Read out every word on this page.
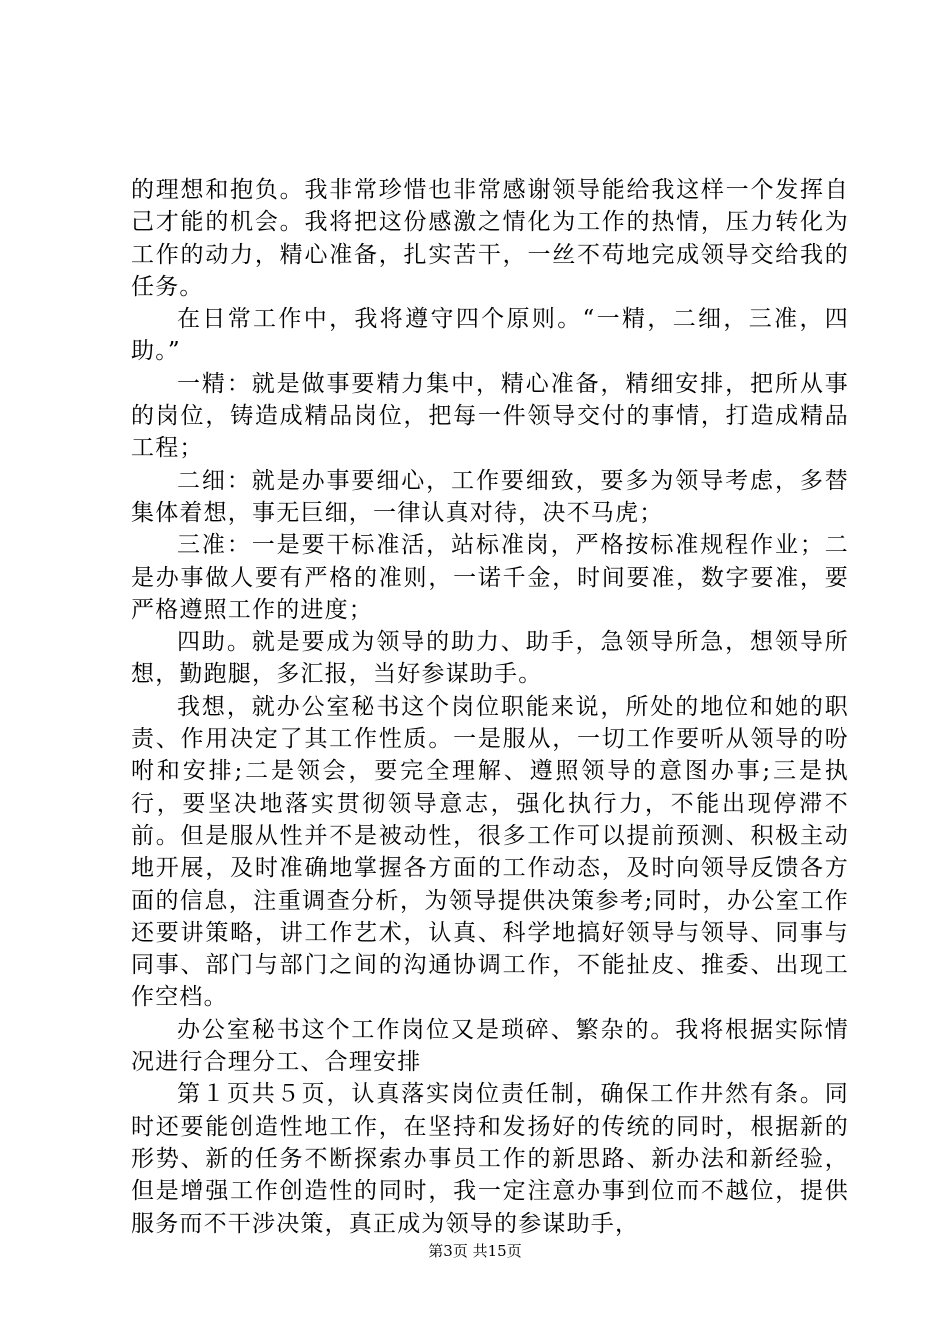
的理想和抱负。我非常珍惜也非常感谢领导能给我这样一个发挥自己才能的机会。我将把这份感激之情化为工作的热情，压力转化为工作的动力，精心准备，扎实苦干，一丝不苟地完成领导交给我的任务。

在日常工作中，我将遵守四个原则。“一精，二细，三准，四助。”

一精：就是做事要精力集中，精心准备，精细安排，把所从事的岗位，铸造成精品岗位，把每一件领导交付的事情，打造成精品工程；

二细：就是办事要细心，工作要细致，要多为领导考虑，多替集体着想，事无巨细，一律认真对待，决不马虎；

三准：一是要干标准活，站标准岗，严格按标准规程作业；二是办事做人要有严格的准则，一诺千金，时间要准，数字要准，要严格遵照工作的进度；

四助。就是要成为领导的助力、助手，急领导所急，想领导所想，勤跑腿，多汇报，当好参谋助手。

我想，就办公室秘书这个岗位职能来说，所处的地位和她的职责、作用决定了其工作性质。一是服从，一切工作要听从领导的吩咐和安排;二是领会，要完全理解、遵照领导的意图办事;三是执行，要坚决地落实贯彻领导意志，强化执行力，不能出现停滞不前。但是服从性并不是被动性，很多工作可以提前预测、积极主动地开展，及时准确地掌握各方面的工作动态，及时向领导反馈各方面的信息，注重调查分析，为领导提供决策参考;同时，办公室工作还要讲策略，讲工作艺术，认真、科学地搞好领导与领导、同事与同事、部门与部门之间的沟通协调工作，不能扯皮、推委、出现工作空档。

办公室秘书这个工作岗位又是琐碎、繁杂的。我将根据实际情况进行合理分工、合理安排

第１页共５页，认真落实岗位责任制，确保工作井然有条。同时还要能创造性地工作，在坚持和发扬好的传统的同时，根据新的形势、新的任务不断探索办事员工作的新思路、新办法和新经验，但是增强工作创造性的同时，我一定注意办事到位而不越位，提供服务而不干涉决策，真正成为领导的参谋助手，

第3页 共15页
